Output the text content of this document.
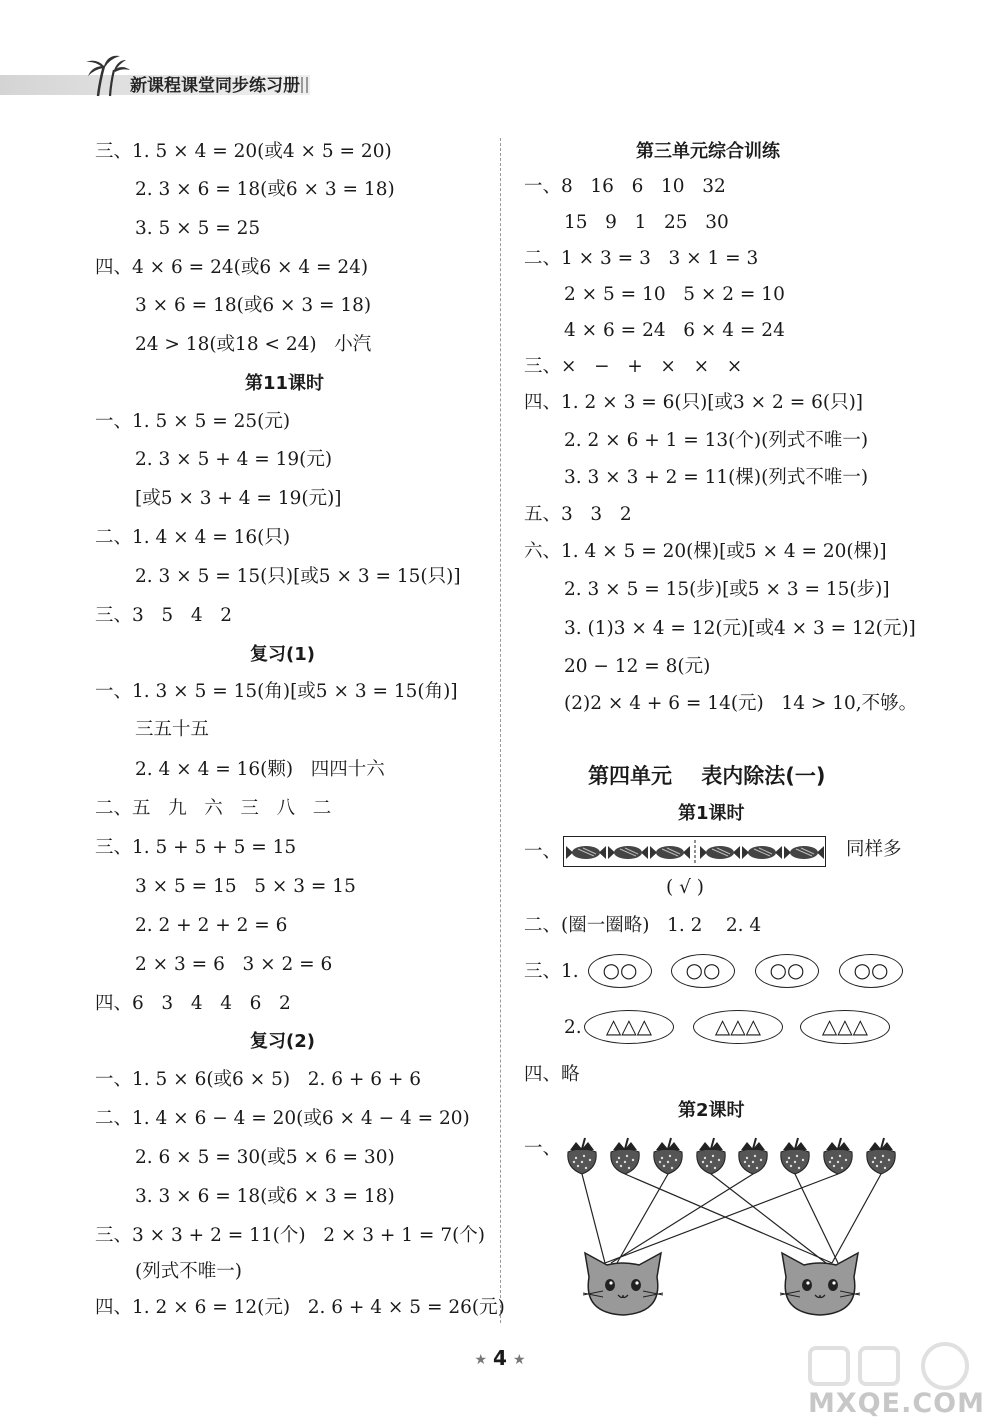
新课程课堂同步练习册
三、1. 5 × 4 = 20(或4 × 5 = 20)
2. 3 × 6 = 18(或6 × 3 = 18)
3. 5 × 5 = 25
四、4 × 6 = 24(或6 × 4 = 24)
3 × 6 = 18(或6 × 3 = 18)
24 > 18(或18 < 24)   小汽
第11课时
一、1. 5 × 5 = 25(元)
2. 3 × 5 + 4 = 19(元)
[或5 × 3 + 4 = 19(元)]
二、1. 4 × 4 = 16(只)
2. 3 × 5 = 15(只)[或5 × 3 = 15(只)]
三、3   5   4   2
复习(1)
一、1. 3 × 5 = 15(角)[或5 × 3 = 15(角)]
三五十五
2. 4 × 4 = 16(颗)   四四十六
二、五   九   六   三   八   二
三、1. 5 + 5 + 5 = 15
3 × 5 = 15   5 × 3 = 15
2. 2 + 2 + 2 = 6
2 × 3 = 6   3 × 2 = 6
四、6   3   4   4   6   2
复习(2)
一、1. 5 × 6(或6 × 5)   2. 6 + 6 + 6
二、1. 4 × 6 − 4 = 20(或6 × 4 − 4 = 20)
2. 6 × 5 = 30(或5 × 6 = 30)
3. 3 × 6 = 18(或6 × 3 = 18)
三、3 × 3 + 2 = 11(个)   2 × 3 + 1 = 7(个)
(列式不唯一)
四、1. 2 × 6 = 12(元)   2. 6 + 4 × 5 = 26(元)
第三单元综合训练
一、8   16   6   10   32
15   9   1   25   30
二、1 × 3 = 3   3 × 1 = 3
2 × 5 = 10   5 × 2 = 10
4 × 6 = 24   6 × 4 = 24
三、×   −   +   ×   ×   ×
四、1. 2 × 3 = 6(只)[或3 × 2 = 6(只)]
2. 2 × 6 + 1 = 13(个)(列式不唯一)
3. 3 × 3 + 2 = 11(棵)(列式不唯一)
五、3   3   2
六、1. 4 × 5 = 20(棵)[或5 × 4 = 20(棵)]
2. 3 × 5 = 15(步)[或5 × 3 = 15(步)]
3. (1)3 × 4 = 12(元)[或4 × 3 = 12(元)]
20 − 12 = 8(元)
(2)2 × 4 + 6 = 14(元)   14 > 10,不够。
第四单元    表内除法(一)
第1课时
一、	同样多
( √ )
二、(圈一圈略)   1. 2    2. 4
三、1.	○○	○○	○○	○○
2.	△△△	△△△	△△△
四、略
第2课时
一、
★ 4 ★
MXQE.COM
